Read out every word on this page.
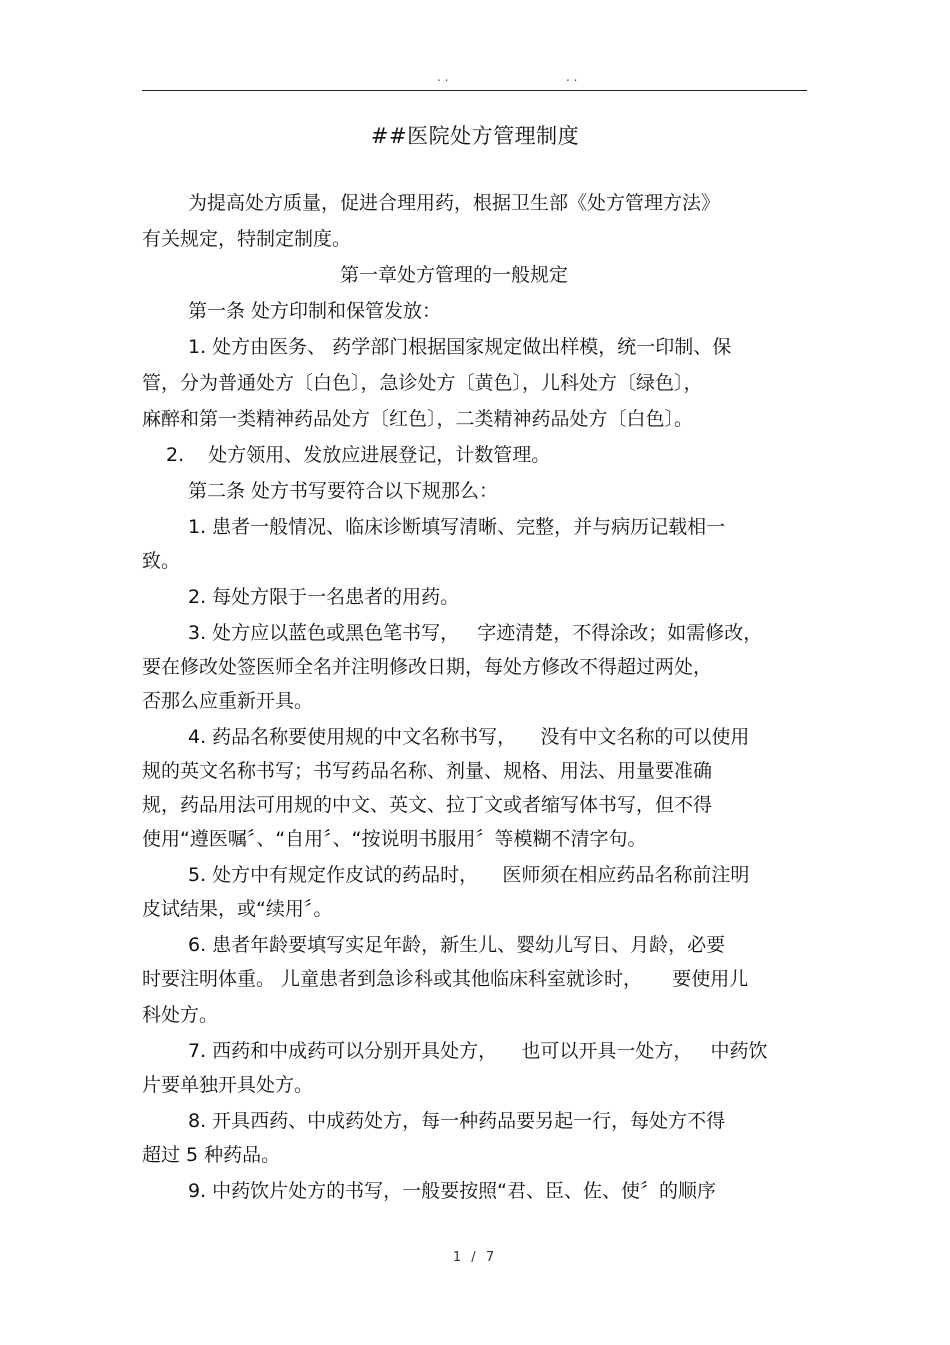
. .	. .
##医院处方管理制度
为提高处方质量，促进合理用药，根据卫生部《处方管理方法》
有关规定，特制定制度。
第一章处方管理的一般规定
第一条 处方印制和保管发放：
1. 处方由医务、 药学部门根据国家规定做出样模，统一印制、保
管，分为普通处方〔白色〕，急诊处方〔黄色〕，儿科处方〔绿色〕，
麻醉和第一类精神药品处方〔红色〕，二类精神药品处方〔白色〕。
2.    处方领用、发放应进展登记，计数管理。
第二条 处方书写要符合以下规那么：
1. 患者一般情况、临床诊断填写清晰、完整，并与病历记载相一
致。
2. 每处方限于一名患者的用药。
3. 处方应以蓝色或黑色笔书写，   字迹清楚，不得涂改；如需修改，
要在修改处签医师全名并注明修改日期，每处方修改不得超过两处，
否那么应重新开具。
4. 药品名称要使用规的中文名称书写，    没有中文名称的可以使用
规的英文名称书写；书写药品名称、剂量、规格、用法、用量要准确
规，药品用法可用规的中文、英文、拉丁文或者缩写体书写，但不得
使用“遵医嘱〞、“自用〞、“按说明书服用〞等模糊不清字句。
5. 处方中有规定作皮试的药品时，    医师须在相应药品名称前注明
皮试结果，或“续用〞。
6. 患者年龄要填写实足年龄，新生儿、婴幼儿写日、月龄，必要
时要注明体重。 儿童患者到急诊科或其他临床科室就诊时，     要使用儿
科处方。
7. 西药和中成药可以分别开具处方，    也可以开具一处方，   中药饮
片要单独开具处方。
8. 开具西药、中成药处方，每一种药品要另起一行，每处方不得
超过 5 种药品。
9. 中药饮片处方的书写，一般要按照“君、臣、佐、使〞的顺序
1 / 7
